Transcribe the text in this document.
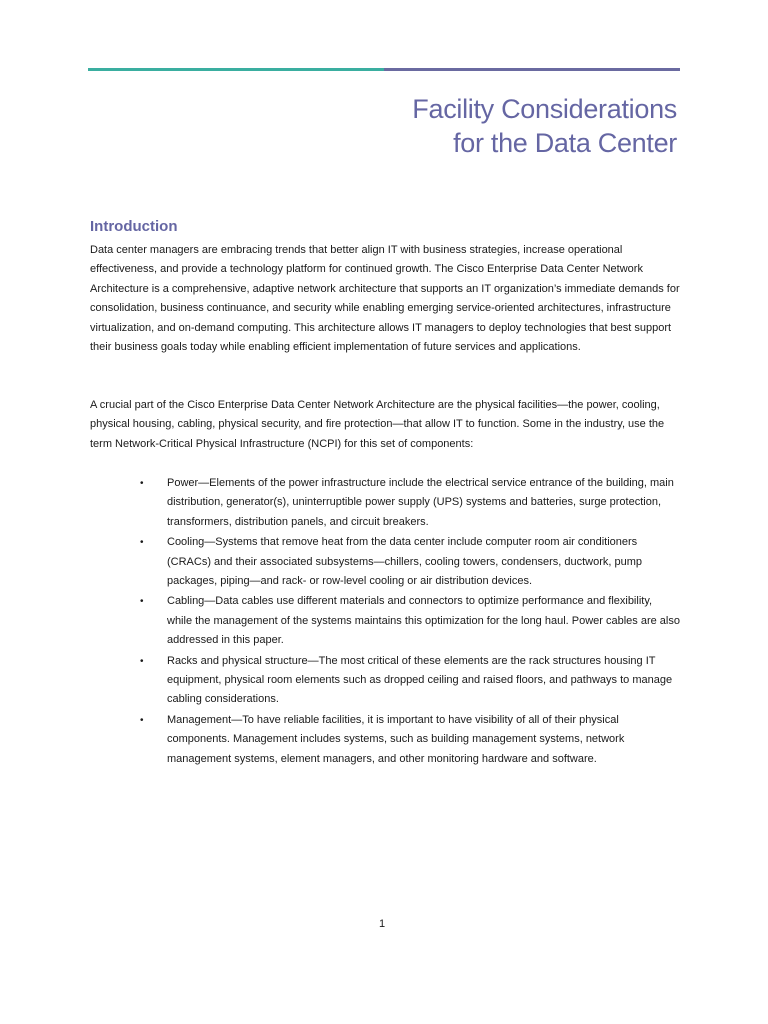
Facility Considerations
for the Data Center
Introduction

Data center managers are embracing trends that better align IT with business strategies, increase operational effectiveness, and provide a technology platform for continued growth. The Cisco Enterprise Data Center Network Architecture is a comprehensive, adaptive network architecture that supports an IT organization’s immediate demands for consolidation, business continuance, and security while enabling emerging service-oriented architectures, infrastructure virtualization, and on-demand computing. This architecture allows IT managers to deploy technologies that best support their business goals today while enabling efficient implementation of future services and applications.

A crucial part of the Cisco Enterprise Data Center Network Architecture are the physical facilities—the power, cooling, physical housing, cabling, physical security, and fire protection—that allow IT to function. Some in the industry, use the term Network-Critical Physical Infrastructure (NCPI) for this set of components:

• Power—Elements of the power infrastructure include the electrical service entrance of the building, main distribution, generator(s), uninterruptible power supply (UPS) systems and batteries, surge protection, transformers, distribution panels, and circuit breakers.
• Cooling—Systems that remove heat from the data center include computer room air conditioners (CRACs) and their associated subsystems—chillers, cooling towers, condensers, ductwork, pump packages, piping—and rack- or row-level cooling or air distribution devices.
• Cabling—Data cables use different materials and connectors to optimize performance and flexibility, while the management of the systems maintains this optimization for the long haul. Power cables are also addressed in this paper.
• Racks and physical structure—The most critical of these elements are the rack structures housing IT equipment, physical room elements such as dropped ceiling and raised floors, and pathways to manage cabling considerations.
• Management—To have reliable facilities, it is important to have visibility of all of their physical components. Management includes systems, such as building management systems, network management systems, element managers, and other monitoring hardware and software.
1
